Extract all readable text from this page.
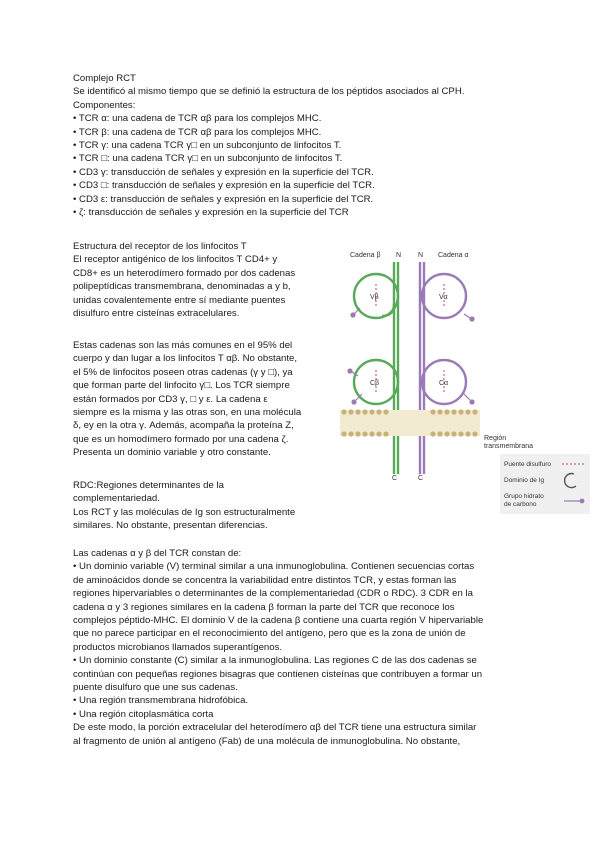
Complejo RCT
Se identificó al mismo tiempo que se definió la estructura de los péptidos asociados al CPH.
Componentes:
• TCR α: una cadena de TCR αβ para los complejos MHC.
• TCR β: una cadena de TCR αβ para los complejos MHC.
• TCR γ: una cadena TCR γ□ en un subconjunto de linfocitos T.
• TCR □: una cadena TCR γ□ en un subconjunto de linfocitos T.
• CD3 γ: transducción de señales y expresión en la superficie del TCR.
• CD3 □: transducción de señales y expresión en la superficie del TCR.
• CD3 ε: transducción de señales y expresión en la superficie del TCR.
• ζ: transducción de señales y expresión en la superficie del TCR
Estructura del receptor de los linfocitos T
El receptor antigénico de los linfocitos T CD4+ y
CD8+ es un heterodímero formado por dos cadenas
polipeptídicas transmembrana, denominadas a y b,
unidas covalentemente entre sí mediante puentes
disulfuro entre cisteínas extracelulares.
Estas cadenas son las más comunes en el 95% del
cuerpo y dan lugar a los linfocitos T αβ. No obstante,
el 5% de linfocitos poseen otras cadenas (γ y □), ya
que forman parte del linfocito γ□. Los TCR siempre
están formados por CD3 γ, □ y ε. La cadena ε
siempre es la misma y las otras son, en una molécula
δ, ey en la otra γ. Además, acompaña la proteína Z,
que es un homodímero formado por una cadena ζ.
Presenta un dominio variable y otro constante.
RDC:Regiones determinantes de la
complementariedad.
Los RCT y las moléculas de Ig son estructuralmente
similares. No obstante, presentan diferencias.
Las cadenas α y β del TCR constan de:
• Un dominio variable (V) terminal similar a una inmunoglobulina. Contienen secuencias cortas
de aminoácidos donde se concentra la variabilidad entre distintos TCR, y estas forman las
regiones hipervariables o determinantes de la complementariedad (CDR o RDC). 3 CDR en la
cadena α y 3 regiones similares en la cadena β forman la parte del TCR que reconoce los
complejos péptido-MHC. El dominio V de la cadena β contiene una cuarta región V hipervariable
que no parece participar en el reconocimiento del antígeno, pero que es la zona de unión de
productos microbianos llamados superantígenos.
• Un dominio constante (C) similar a la inmunoglobulina. Las regiones C de las dos cadenas se
continúan con pequeñas regiones bisagras que contienen cisteínas que contribuyen a formar un
puente disulfuro que une sus cadenas.
• Una región transmembrana hidrofóbica.
• Una región citoplasmática corta
De este modo, la porción extracelular del heterodímero αβ del TCR tiene una estructura similar
al fragmento de unión al antígeno (Fab) de una molécula de inmunoglobulina. No obstante,
Cadena β N N Cadena α
Vβ	Vα
Cβ	Cα
Región
transmembrana
C	C
Puente disulfuro
Dominio de Ig
Grupo hidrato
de carbono
